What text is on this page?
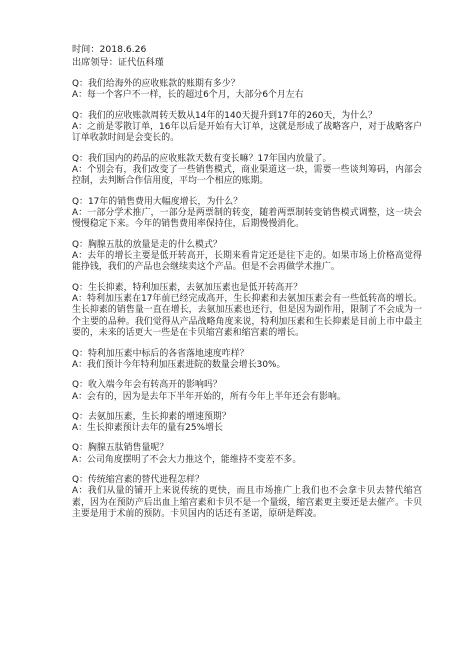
时间：2018.6.26
出席领导：证代伍科瑾

Q：我们给海外的应收账款的账期有多少？

A：每一个客户不一样，长的超过6个月，大部分6个月左右

Q：我们的应收账款周转天数从14年的140天提升到17年的260天，为什么？

A：之前是零散订单，16年以后是开始有大订单，这就是形成了战略客户，对于战略客户订单收款时间是会变长的。

Q：我们国内的药品的应收账款天数有变长嘛？17年国内放量了。

A：个别会有，我们改变了一些销售模式，商业渠道这一块，需要一些谈判筹码，内部会控制，去判断合作信用度，平均一个相应的账期。

Q：17年的销售费用大幅度增长，为什么？

A：一部分学术推广，一部分是两票制的转变，随着两票制转变销售模式调整，这一块会慢慢稳定下来。今年的销售费用率保持住，后期慢慢消化。

Q：胸腺五肽的放量是走的什么模式？

A：去年的增长主要是低开转高开，长期来看肯定还是往下走的。如果市场上价格高觉得能挣钱，我们的产品也会继续卖这个产品。但是不会再做学术推广。

Q：生长抑素，特利加压素，去氨加压素也是低开转高开？

A：特利加压素在17年前已经完成高开，生长抑素和去氨加压素会有一些低转高的增长。生长抑素的销售量一直在增长，去氨加压素也还行，但是因为副作用，限制了不会成为一个主要的品种。我们觉得从产品战略角度来说，特利加压素和生长抑素是目前上市中最主要的，未来的话更大一些是在卡贝缩宫素和缩宫素的增长。

Q：特利加压素中标后的各省落地速度咋样？

A：我们预计今年特利加压素进院的数量会增长30%。

Q：收入端今年会有转高开的影响吗？

A：会有的，因为是去年下半年开始的，所有今年上半年还会有影响。

Q：去氨加压素，生长抑素的增速预期？

A：生长抑素预计去年的量有25%增长

Q：胸腺五肽销售量呢？

A：公司角度摆明了不会大力推这个，能维持不变差不多。

Q：传统缩宫素的替代进程怎样？

A：我们从量的铺开上来说传统的更快，而且市场推广上我们也不会拿卡贝去替代缩宫素，因为在预防产后出血上缩宫素和卡贝不是一个量级，缩宫素更主要还是去催产。卡贝主要是用于术前的预防。卡贝国内的话还有圣诺，原研是辉凌。
